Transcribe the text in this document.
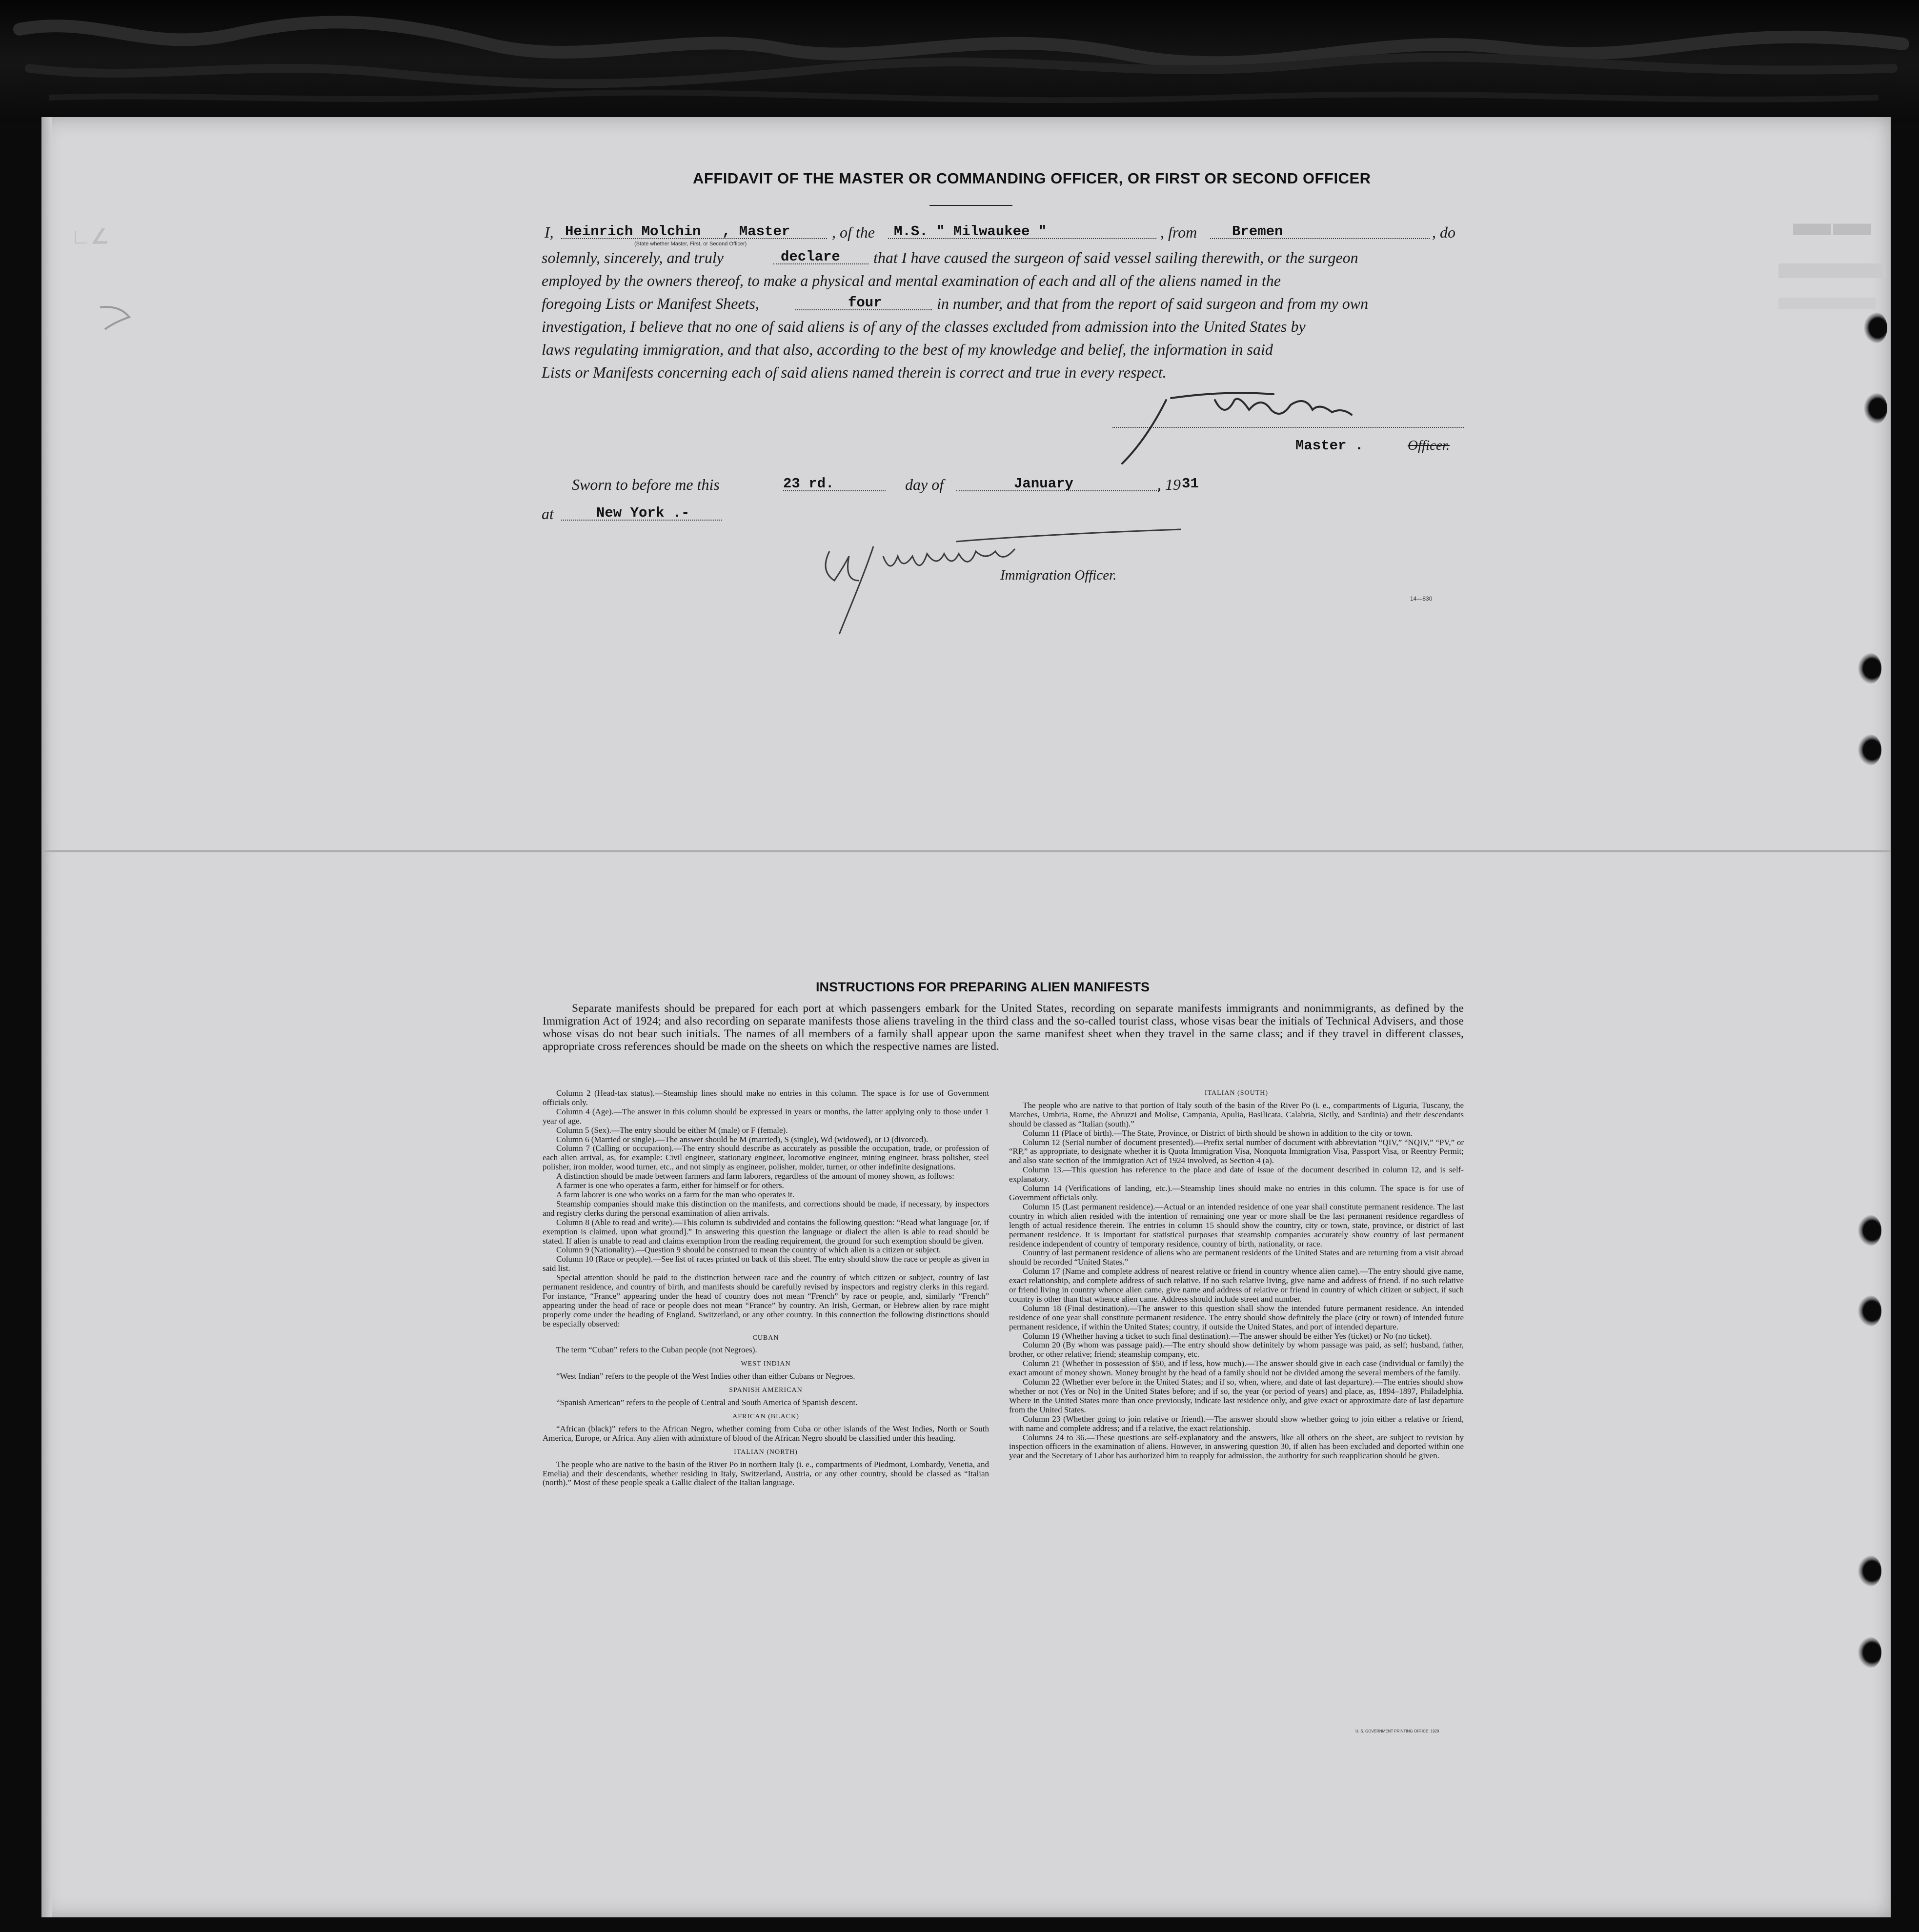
∟∠	▬▬
AFFIDAVIT OF THE MASTER OR COMMANDING OFFICER, OR FIRST OR SECOND OFFICER
I, Heinrich Molchin , Master
(State whether Master, First, or Second Officer)
, of the M.S. " Milwaukee "	, from Bremen	, do
solemnly, sincerely, and truly	declare that I have caused the surgeon of said vessel sailing therewith, or the surgeon
employed by the owners thereof, to make a physical and mental examination of each and all of the aliens named in the
foregoing Lists or Manifest Sheets,	four	in number, and that from the report of said surgeon and from my own
investigation, I believe that no one of said aliens is of any of the classes excluded from admission into the United States by
laws regulating immigration, and that also, according to the best of my knowledge and belief, the information in said
Lists or Manifests concerning each of said aliens named therein is correct and true in every respect.
Master .	Officer.
Sworn to before me this	23 rd.	day of	January	, 19 31
at	New York .-
Immigration Officer.
14—830
INSTRUCTIONS FOR PREPARING ALIEN MANIFESTS
Separate manifests should be prepared for each port at which passengers embark for the United States, recording on separate manifests immigrants and nonimmigrants, as defined by the Immigration Act of 1924; and also recording on separate manifests those aliens traveling in the third class and the so-called tourist class, whose visas bear the initials of Technical Advisers, and those whose visas do not bear such initials. The names of all members of a family shall appear upon the same manifest sheet when they travel in the same class; and if they travel in different classes, appropriate cross references should be made on the sheets on which the respective names are listed.

Column 2 (Head-tax status).—Steamship lines should make no entries in this column. The space is for use of Government officials only.

Column 4 (Age).—The answer in this column should be expressed in years or months, the latter applying only to those under 1 year of age.

Column 5 (Sex).—The entry should be either M (male) or F (female).

Column 6 (Married or single).—The answer should be M (married), S (single), Wd (widowed), or D (divorced).

Column 7 (Calling or occupation).—The entry should describe as accurately as possible the occupation, trade, or profession of each alien arrival, as, for example: Civil engineer, stationary engineer, locomotive engineer, mining engineer, brass polisher, steel polisher, iron molder, wood turner, etc., and not simply as engineer, polisher, molder, turner, or other indefinite designations.

A distinction should be made between farmers and farm laborers, regardless of the amount of money shown, as follows:

A farmer is one who operates a farm, either for himself or for others.

A farm laborer is one who works on a farm for the man who operates it.

Steamship companies should make this distinction on the manifests, and corrections should be made, if necessary, by inspectors and registry clerks during the personal examination of alien arrivals.

Column 8 (Able to read and write).—This column is subdivided and contains the following question: “Read what language [or, if exemption is claimed, upon what ground].” In answering this question the language or dialect the alien is able to read should be stated. If alien is unable to read and claims exemption from the reading requirement, the ground for such exemption should be given.

Column 9 (Nationality).—Question 9 should be construed to mean the country of which alien is a citizen or subject.

Column 10 (Race or people).—See list of races printed on back of this sheet. The entry should show the race or people as given in said list.

Special attention should be paid to the distinction between race and the country of which citizen or subject, country of last permanent residence, and country of birth, and manifests should be carefully revised by inspectors and registry clerks in this regard. For instance, “France” appearing under the head of country does not mean “French” by race or people, and, similarly “French” appearing under the head of race or people does not mean “France” by country. An Irish, German, or Hebrew alien by race might properly come under the heading of England, Switzerland, or any other country. In this connection the following distinctions should be especially observed:

CUBAN

The term “Cuban” refers to the Cuban people (not Negroes).

WEST INDIAN

“West Indian” refers to the people of the West Indies other than either Cubans or Negroes.

SPANISH AMERICAN

“Spanish American” refers to the people of Central and South America of Spanish descent.

AFRICAN (BLACK)

“African (black)” refers to the African Negro, whether coming from Cuba or other islands of the West Indies, North or South America, Europe, or Africa. Any alien with admixture of blood of the African Negro should be classified under this heading.

ITALIAN (NORTH)

The people who are native to the basin of the River Po in northern Italy (i. e., compartments of Piedmont, Lombardy, Venetia, and Emelia) and their descendants, whether residing in Italy, Switzerland, Austria, or any other country, should be classed as “Italian (north).” Most of these people speak a Gallic dialect of the Italian language.

ITALIAN (SOUTH)

The people who are native to that portion of Italy south of the basin of the River Po (i. e., compartments of Liguria, Tuscany, the Marches, Umbria, Rome, the Abruzzi and Molise, Campania, Apulia, Basilicata, Calabria, Sicily, and Sardinia) and their descendants should be classed as “Italian (south).”

Column 11 (Place of birth).—The State, Province, or District of birth should be shown in addition to the city or town.

Column 12 (Serial number of document presented).—Prefix serial number of document with abbreviation “QIV,” “NQIV,” “PV,” or “RP,” as appropriate, to designate whether it is Quota Immigration Visa, Nonquota Immigration Visa, Passport Visa, or Reentry Permit; and also state section of the Immigration Act of 1924 involved, as Section 4 (a).

Column 13.—This question has reference to the place and date of issue of the document described in column 12, and is self-explanatory.

Column 14 (Verifications of landing, etc.).—Steamship lines should make no entries in this column. The space is for use of Government officials only.

Column 15 (Last permanent residence).—Actual or an intended residence of one year shall constitute permanent residence. The last country in which alien resided with the intention of remaining one year or more shall be the last permanent residence regardless of length of actual residence therein. The entries in column 15 should show the country, city or town, state, province, or district of last permanent residence. It is important for statistical purposes that steamship companies accurately show country of last permanent residence independent of country of temporary residence, country of birth, nationality, or race.

Country of last permanent residence of aliens who are permanent residents of the United States and are returning from a visit abroad should be recorded “United States.”

Column 17 (Name and complete address of nearest relative or friend in country whence alien came).—The entry should give name, exact relationship, and complete address of such relative. If no such relative living, give name and address of friend. If no such relative or friend living in country whence alien came, give name and address of relative or friend in country of which citizen or subject, if such country is other than that whence alien came. Address should include street and number.

Column 18 (Final destination).—The answer to this question shall show the intended future permanent residence. An intended residence of one year shall constitute permanent residence. The entry should show definitely the place (city or town) of intended future permanent residence, if within the United States; country, if outside the United States, and port of intended departure.

Column 19 (Whether having a ticket to such final destination).—The answer should be either Yes (ticket) or No (no ticket).

Column 20 (By whom was passage paid).—The entry should show definitely by whom passage was paid, as self; husband, father, brother, or other relative; friend; steamship company, etc.

Column 21 (Whether in possession of $50, and if less, how much).—The answer should give in each case (individual or family) the exact amount of money shown. Money brought by the head of a family should not be divided among the several members of the family.

Column 22 (Whether ever before in the United States; and if so, when, where, and date of last departure).—The entries should show whether or not (Yes or No) in the United States before; and if so, the year (or period of years) and place, as, 1894–1897, Philadelphia. Where in the United States more than once previously, indicate last residence only, and give exact or approximate date of last departure from the United States.

Column 23 (Whether going to join relative or friend).—The answer should show whether going to join either a relative or friend, with name and complete address; and if a relative, the exact relationship.

Columns 24 to 36.—These questions are self-explanatory and the answers, like all others on the sheet, are subject to revision by inspection officers in the examination of aliens. However, in answering question 30, if alien has been excluded and deported within one year and the Secretary of Labor has authorized him to reapply for admission, the authority for such reapplication should be given.

U. S. GOVERNMENT PRINTING OFFICE: 1929
